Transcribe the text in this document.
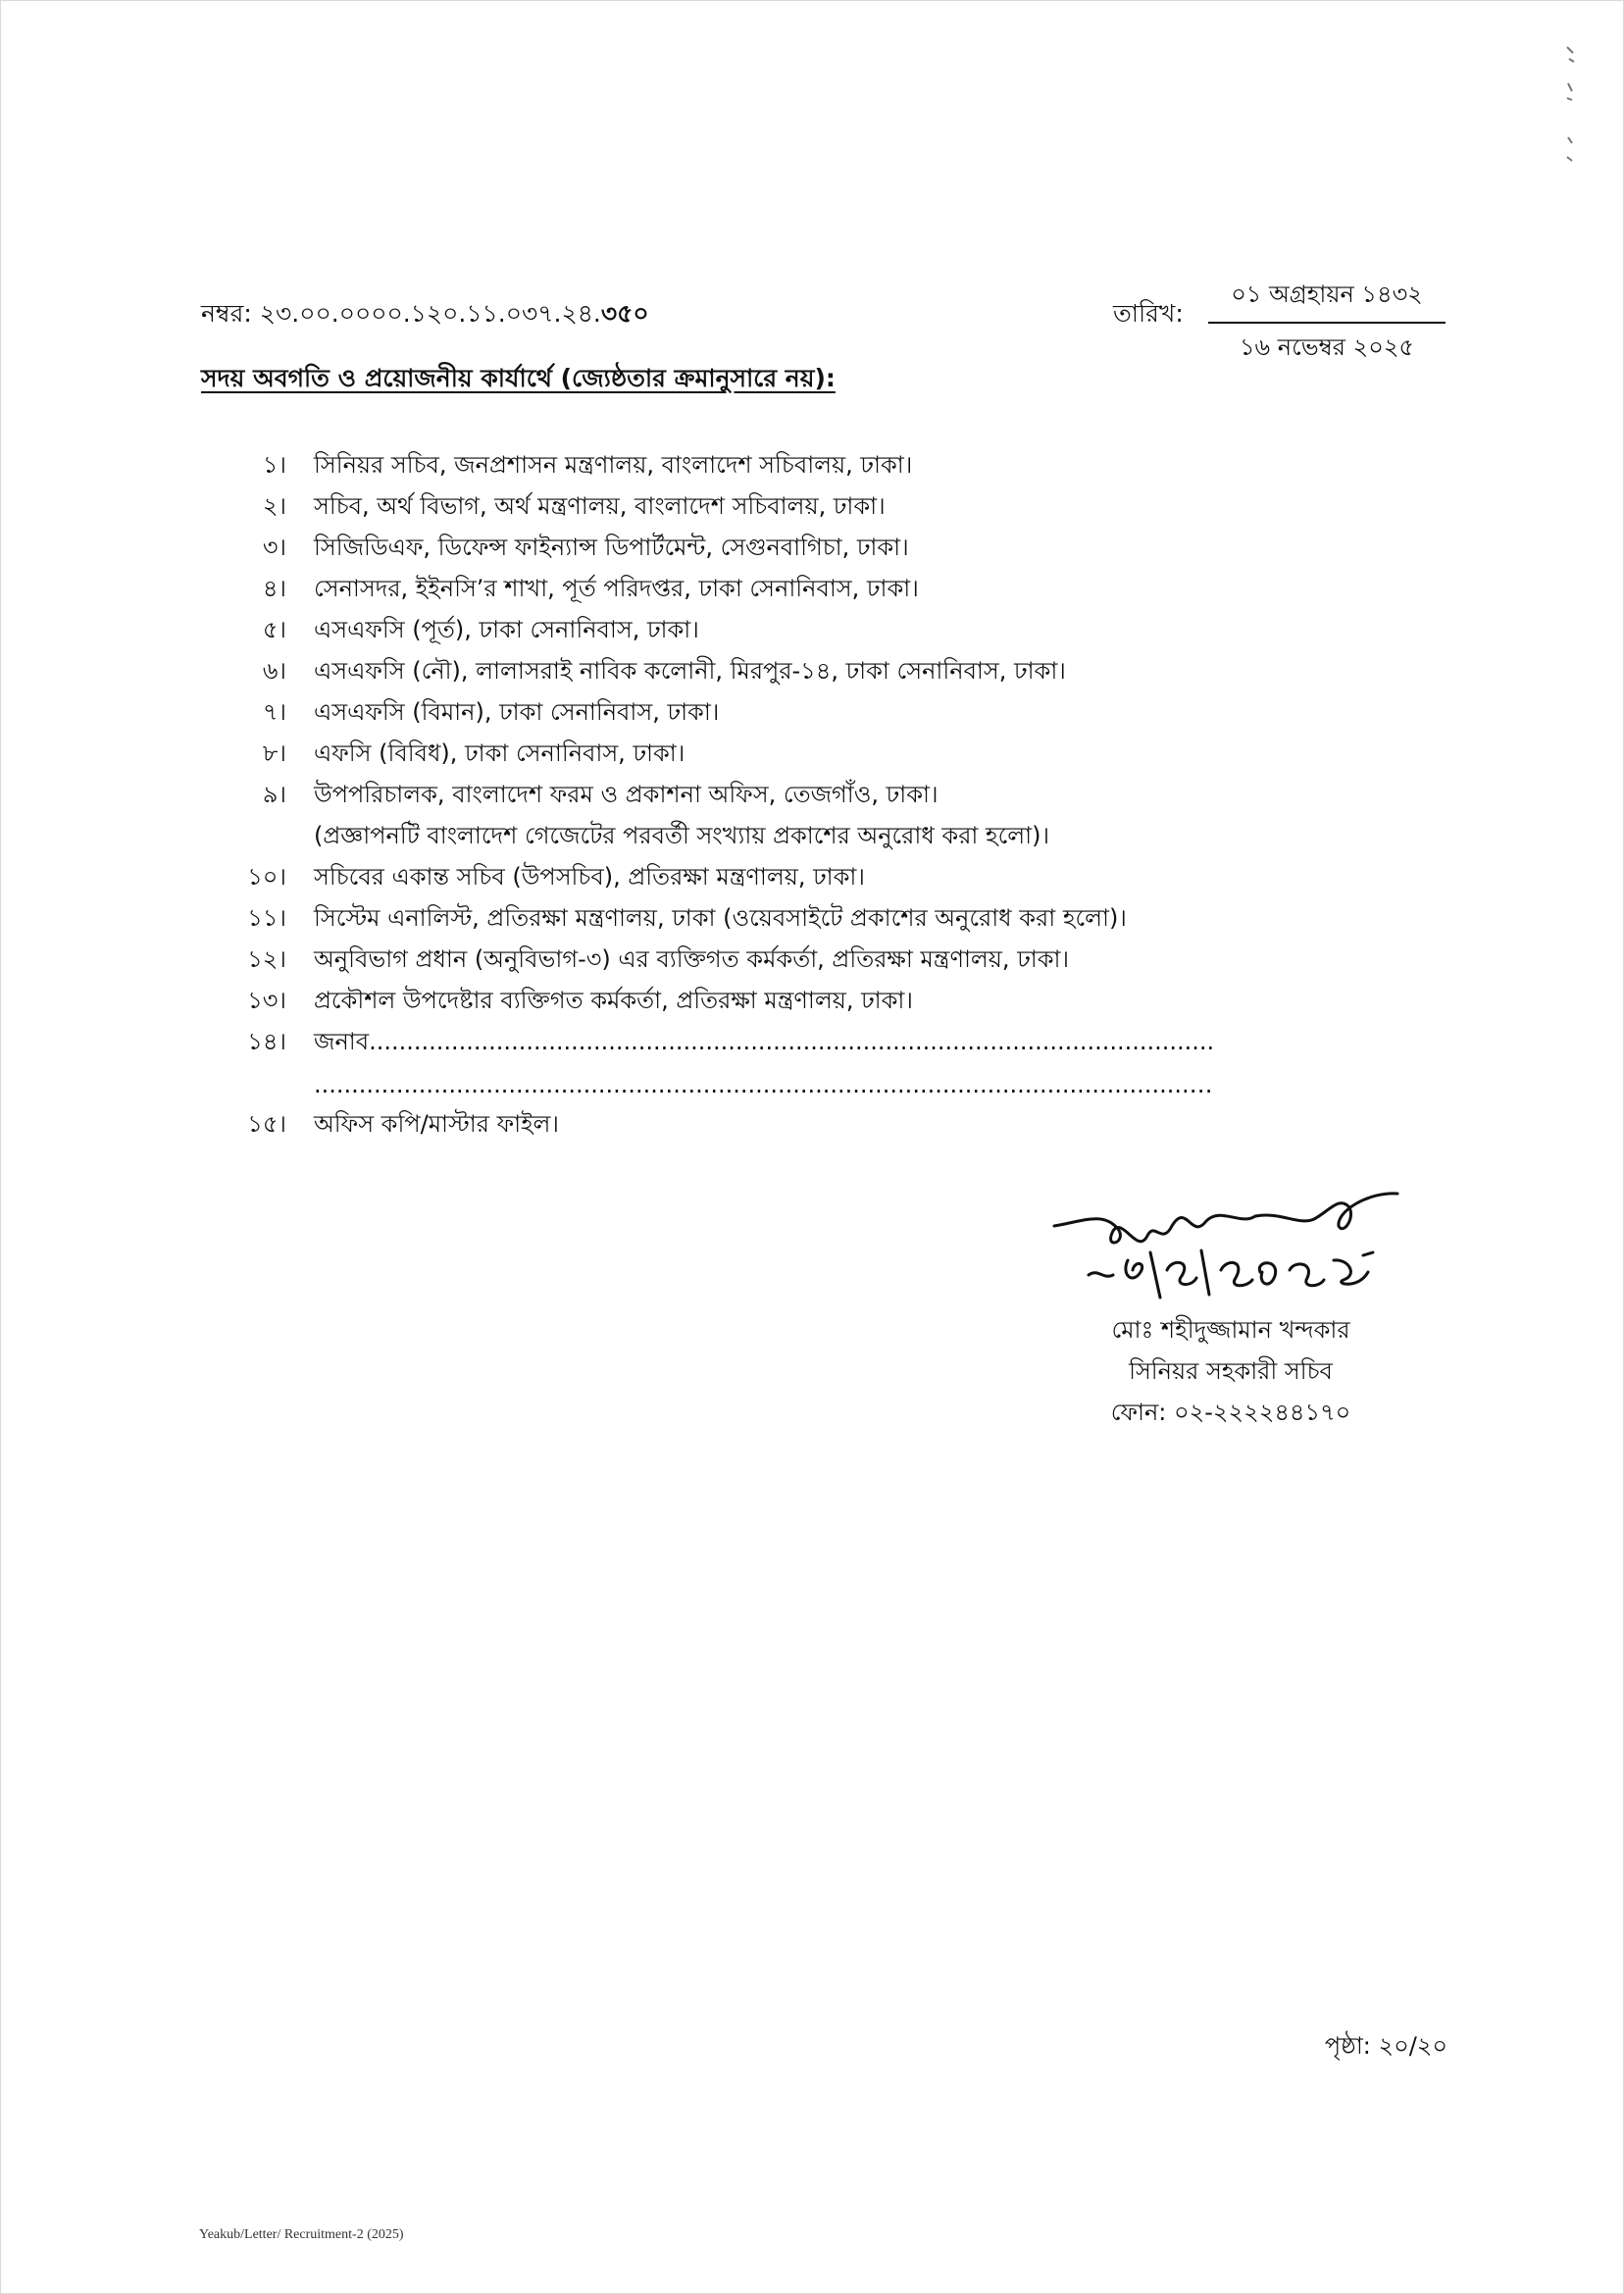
নম্বর: ২৩.০০.০০০০.১২০.১১.০৩৭.২৪.৩৫০	তারিখ:
০১ অগ্রহায়ন ১৪৩২
১৬ নভেম্বর ২০২৫
সদয় অবগতি ও প্রয়োজনীয় কার্যার্থে (জ্যেষ্ঠতার ক্রমানুসারে নয়):
১।	সিনিয়র সচিব, জনপ্রশাসন মন্ত্রণালয়, বাংলাদেশ সচিবালয়, ঢাকা।
২।	সচিব, অর্থ বিভাগ, অর্থ মন্ত্রণালয়, বাংলাদেশ সচিবালয়, ঢাকা।
৩।	সিজিডিএফ, ডিফেন্স ফাইন্যান্স ডিপার্টমেন্ট, সেগুনবাগিচা, ঢাকা।
৪।	সেনাসদর, ইইনসি’র শাখা, পূর্ত পরিদপ্তর, ঢাকা সেনানিবাস, ঢাকা।
৫।	এসএফসি (পূর্ত), ঢাকা সেনানিবাস, ঢাকা।
৬।	এসএফসি (নৌ), লালাসরাই নাবিক কলোনী, মিরপুর-১৪, ঢাকা সেনানিবাস, ঢাকা।
৭।	এসএফসি (বিমান), ঢাকা সেনানিবাস, ঢাকা।
৮।	এফসি (বিবিধ), ঢাকা সেনানিবাস, ঢাকা।
৯।	উপপরিচালক, বাংলাদেশ ফরম ও প্রকাশনা অফিস, তেজগাঁও, ঢাকা।
(প্রজ্ঞাপনটি বাংলাদেশ গেজেটের পরবর্তী সংখ্যায় প্রকাশের অনুরোধ করা হলো)।
১০।	সচিবের একান্ত সচিব (উপসচিব), প্রতিরক্ষা মন্ত্রণালয়, ঢাকা।
১১।	সিস্টেম এনালিস্ট, প্রতিরক্ষা মন্ত্রণালয়, ঢাকা (ওয়েবসাইটে প্রকাশের অনুরোধ করা হলো)।
১২।	অনুবিভাগ প্রধান (অনুবিভাগ-৩) এর ব্যক্তিগত কর্মকর্তা, প্রতিরক্ষা মন্ত্রণালয়, ঢাকা।
১৩।	প্রকৌশল উপদেষ্টার ব্যক্তিগত কর্মকর্তা, প্রতিরক্ষা মন্ত্রণালয়, ঢাকা।
১৪।	জনাব.................................................................................................................
.....................................................................................................................…
১৫।	অফিস কপি/মাস্টার ফাইল।
মোঃ শহীদুজ্জামান খন্দকার
সিনিয়র সহকারী সচিব
ফোন: ০২-২২২২৪৪১৭০
পৃষ্ঠা: ২০/২০
Yeakub/Letter/ Recruitment-2 (2025)
